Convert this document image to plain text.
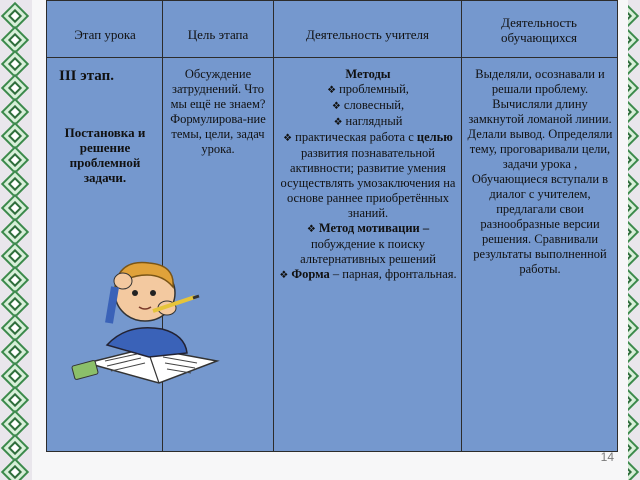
Этап урока	Цель этапа	Деятельность учителя
Деятельность обучающихся
III этап.
Постановка и решение проблемной задачи.
Обсуждение затруднений. Что мы ещё не знаем? Формулирова-ние темы, цели, задач урока.
Методы
❖ проблемный,
❖ словесный,
❖ наглядный
❖ практическая работа с целью развития познавательной активности; развитие умения осуществлять умозаключения на основе раннее приобретённых знаний.
❖ Метод мотивации – побуждение к поиску альтернативных решений
❖ Форма – парная, фронтальная.
Выделяли, осознавали и решали проблему. Вычисляли длину замкнутой ломаной линии. Делали вывод. Определяли тему, проговаривали цели, задачи урока , Обучающиеся вступали в диалог с учителем, предлагали свои разнообразные версии решения. Сравнивали результаты выполненной работы.
14
